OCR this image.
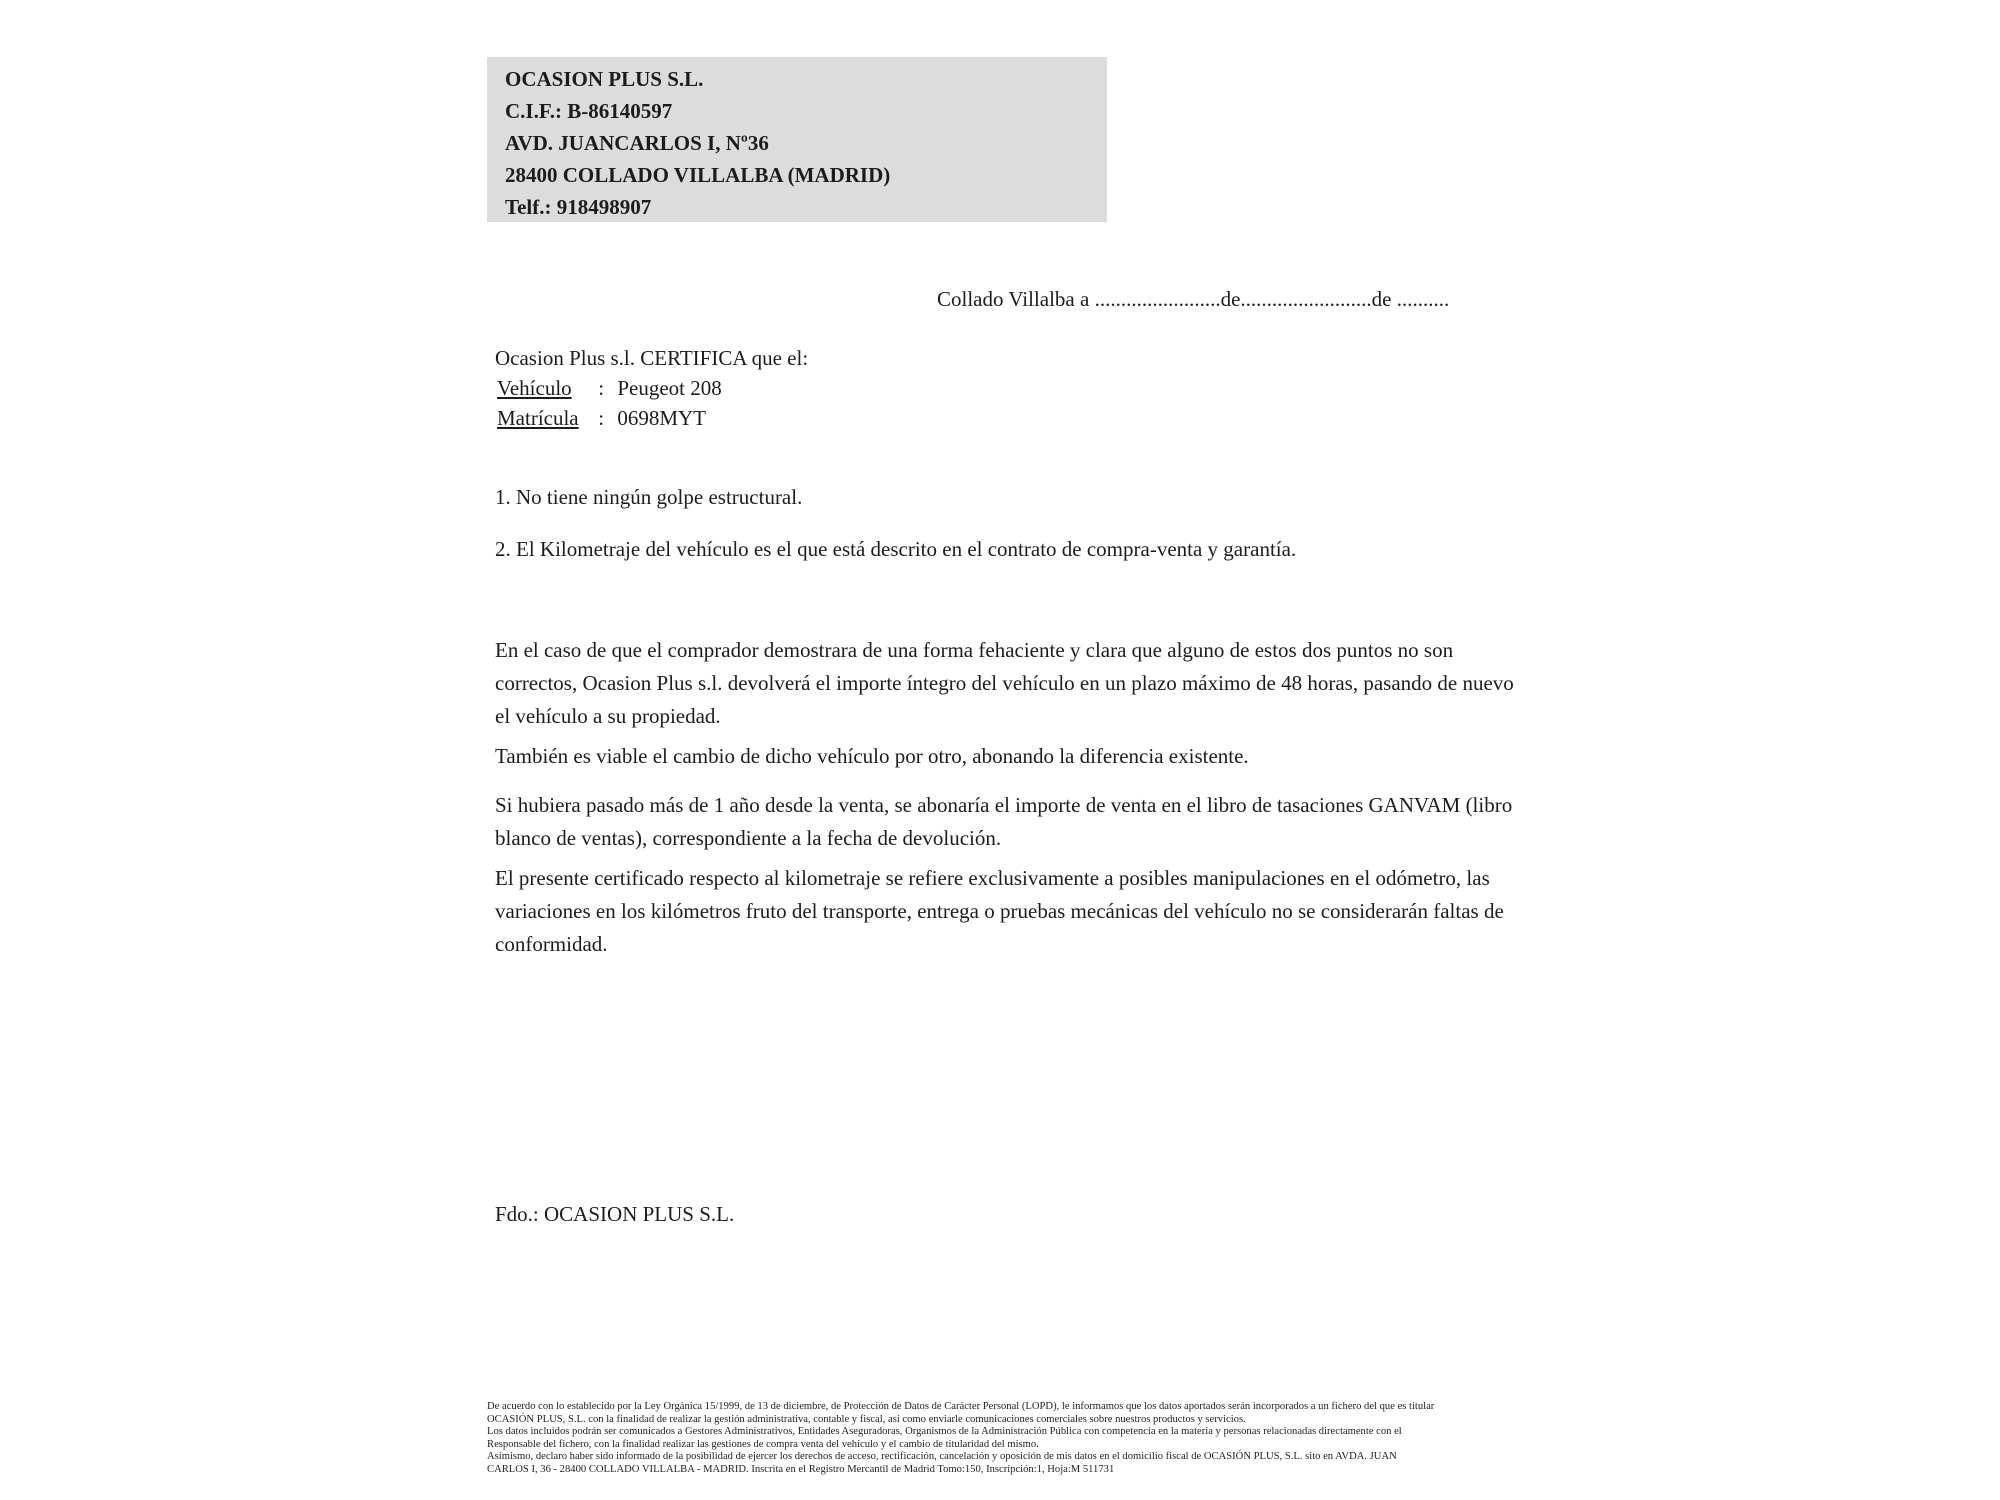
OCASION PLUS S.L.
C.I.F.: B-86140597
AVD. JUANCARLOS I, Nº36
28400 COLLADO VILLALBA (MADRID)
Telf.: 918498907
Collado Villalba a ........................de.........................de ..........
Ocasion Plus s.l. CERTIFICA que el:
Vehículo : Peugeot 208
Matrícula : 0698MYT
1. No tiene ningún golpe estructural.
2. El Kilometraje del vehículo es el que está descrito en el contrato de compra-venta y garantía.
En el caso de que el comprador demostrara de una forma fehaciente y clara que alguno de estos dos puntos no son correctos, Ocasion Plus s.l. devolverá el importe íntegro del vehículo en un plazo máximo de 48 horas, pasando de nuevo el vehículo a su propiedad.
También es viable el cambio de dicho vehículo por otro, abonando la diferencia existente.
Si hubiera pasado más de 1 año desde la venta, se abonaría el importe de venta en el libro de tasaciones GANVAM (libro blanco de ventas), correspondiente a la fecha de devolución.
El presente certificado respecto al kilometraje se refiere exclusivamente a posibles manipulaciones en el odómetro, las variaciones en los kilómetros fruto del transporte, entrega o pruebas mecánicas del vehículo no se considerarán faltas de conformidad.
Fdo.: OCASION PLUS S.L.
De acuerdo con lo establecido por la Ley Orgánica 15/1999, de 13 de diciembre, de Protección de Datos de Carácter Personal (LOPD), le informamos que los datos aportados serán incorporados a un fichero del que es titular
OCASIÓN PLUS, S.L. con la finalidad de realizar la gestión administrativa, contable y fiscal, así como enviarle comunicaciones comerciales sobre nuestros productos y servicios.
Los datos incluidos podrán ser comunicados a Gestores Administrativos, Entidades Aseguradoras, Organismos de la Administración Pública con competencia en la materia y personas relacionadas directamente con el
Responsable del fichero, con la finalidad realizar las gestiones de compra venta del vehículo y el cambio de titularidad del mismo.
Asimismo, declaro haber sido informado de la posibilidad de ejercer los derechos de acceso, rectificación, cancelación y oposición de mis datos en el domicilio fiscal de OCASIÓN PLUS, S.L. sito en AVDA. JUAN
CARLOS I, 36 - 28400 COLLADO VILLALBA - MADRID. Inscrita en el Registro Mercantil de Madrid Tomo:150, Inscripción:1, Hoja:M 511731
